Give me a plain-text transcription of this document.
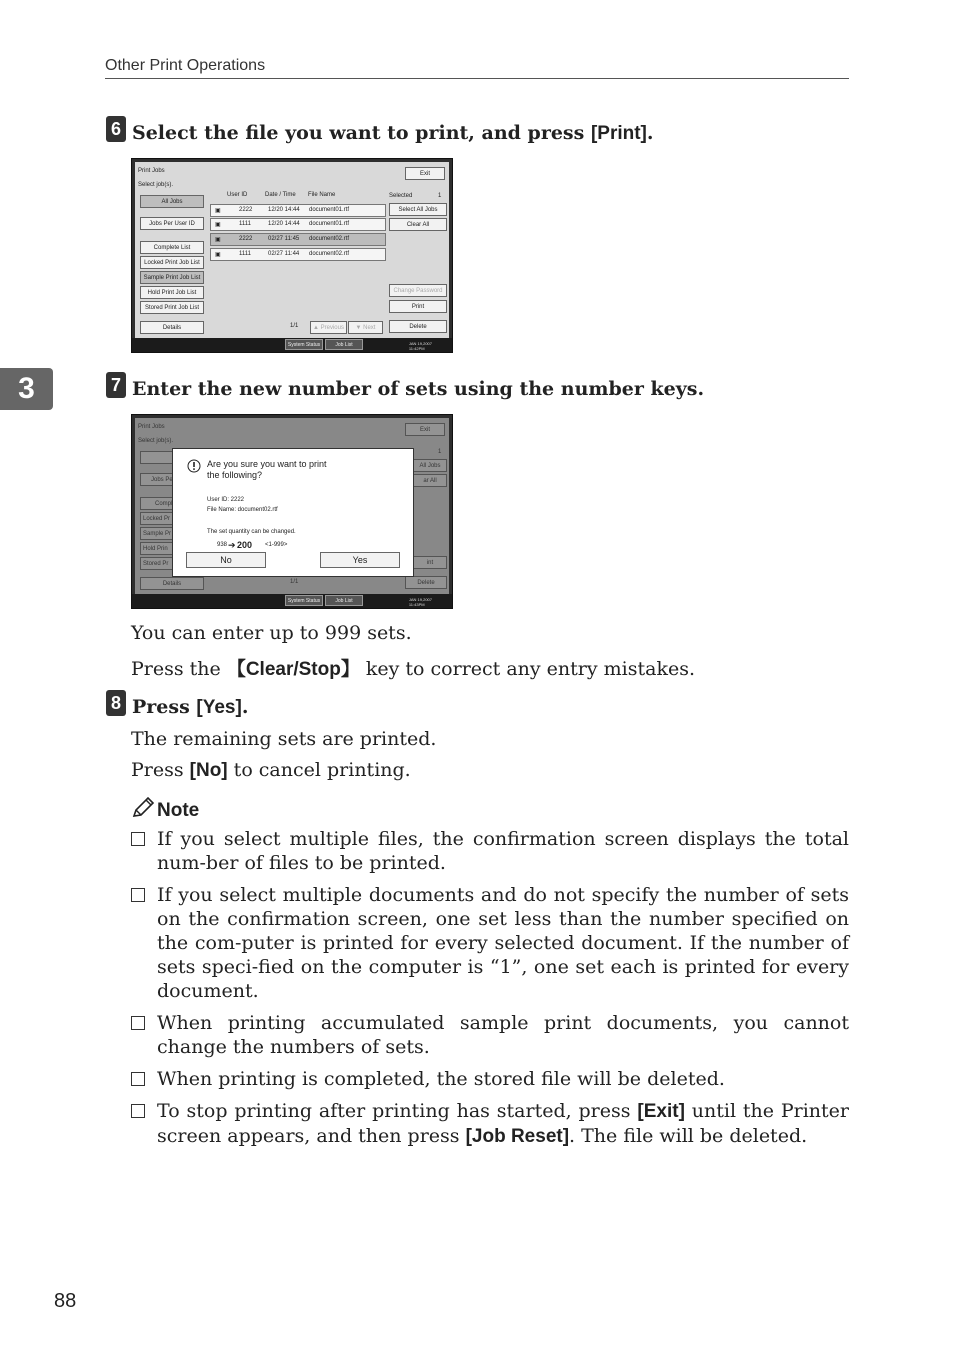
Other Print Operations
3
6 Select the file you want to print, and press [Print].
Print Jobs
Select job(s).
Exit
All Jobs
Jobs Per User ID
Complete List
Locked Print Job List
Sample Print Job List
Hold Print Job List
Stored Print Job List
Details
User ID	Date / Time File Name
▣	2222	12/20 14:44 document01.rtf
▣	1111	12/20 14:44 document01.rtf
▣	2222	02/27 11:45 document02.rtf
▣	1111	02/27 11:44 document02.rtf
Selected	1
Select All Jobs
Clear All
Change Password
Print
Delete
1/1	▲ Previous	▼ Next
System Status	Job List	JAN 19,2007
11:42PM
7 Enter the new number of sets using the number keys.
Are you sure you want to print
the following?
User ID: 2222
File Name: document02.rtf
The set quantity can be changed.
938 ➔ 200 <1-999>
No	Yes
System Status	Job List	JAN 19,2007
11:43PM
You can enter up to 999 sets.
Press the 【Clear/Stop】 key to correct any entry mistakes.
8 Press [Yes].
The remaining sets are printed.
Press [No] to cancel printing.
Note
If you select multiple files, the confirmation screen displays the total num-ber of files to be printed.
If you select multiple documents and do not specify the number of sets on the confirmation screen, one set less than the number specified on the com-puter is printed for every selected document. If the number of sets speci-fied on the computer is “1”, one set each is printed for every document.
When printing accumulated sample print documents, you cannot change the numbers of sets.
When printing is completed, the stored file will be deleted.
To stop printing after printing has started, press [Exit] until the Printer screen appears, and then press [Job Reset]. The file will be deleted.
88
